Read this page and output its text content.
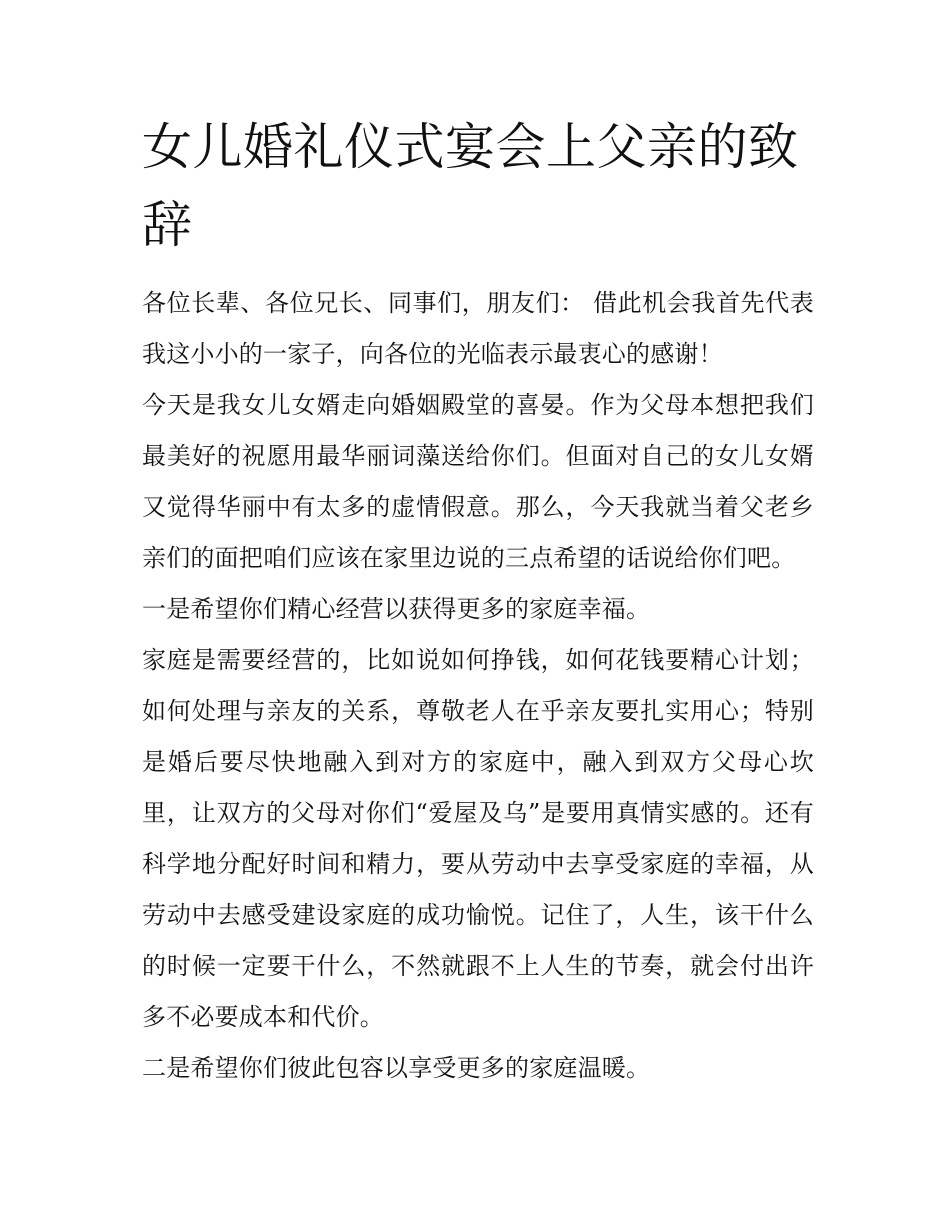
女儿婚礼仪式宴会上父亲的致辞

各位长辈、各位兄长、同事们，朋友们： 借此机会我首先代表我这小小的一家子，向各位的光临表示最衷心的感谢！

今天是我女儿女婿走向婚姻殿堂的喜晏。作为父母本想把我们最美好的祝愿用最华丽词藻送给你们。但面对自己的女儿女婿又觉得华丽中有太多的虚情假意。那么，今天我就当着父老乡亲们的面把咱们应该在家里边说的三点希望的话说给你们吧。

一是希望你们精心经营以获得更多的家庭幸福。

家庭是需要经营的，比如说如何挣钱，如何花钱要精心计划；如何处理与亲友的关系，尊敬老人在乎亲友要扎实用心；特别是婚后要尽快地融入到对方的家庭中，融入到双方父母心坎里，让双方的父母对你们“爱屋及乌”是要用真情实感的。还有科学地分配好时间和精力，要从劳动中去享受家庭的幸福，从劳动中去感受建设家庭的成功愉悦。记住了，人生，该干什么的时候一定要干什么，不然就跟不上人生的节奏，就会付出许多不必要成本和代价。

二是希望你们彼此包容以享受更多的家庭温暖。
